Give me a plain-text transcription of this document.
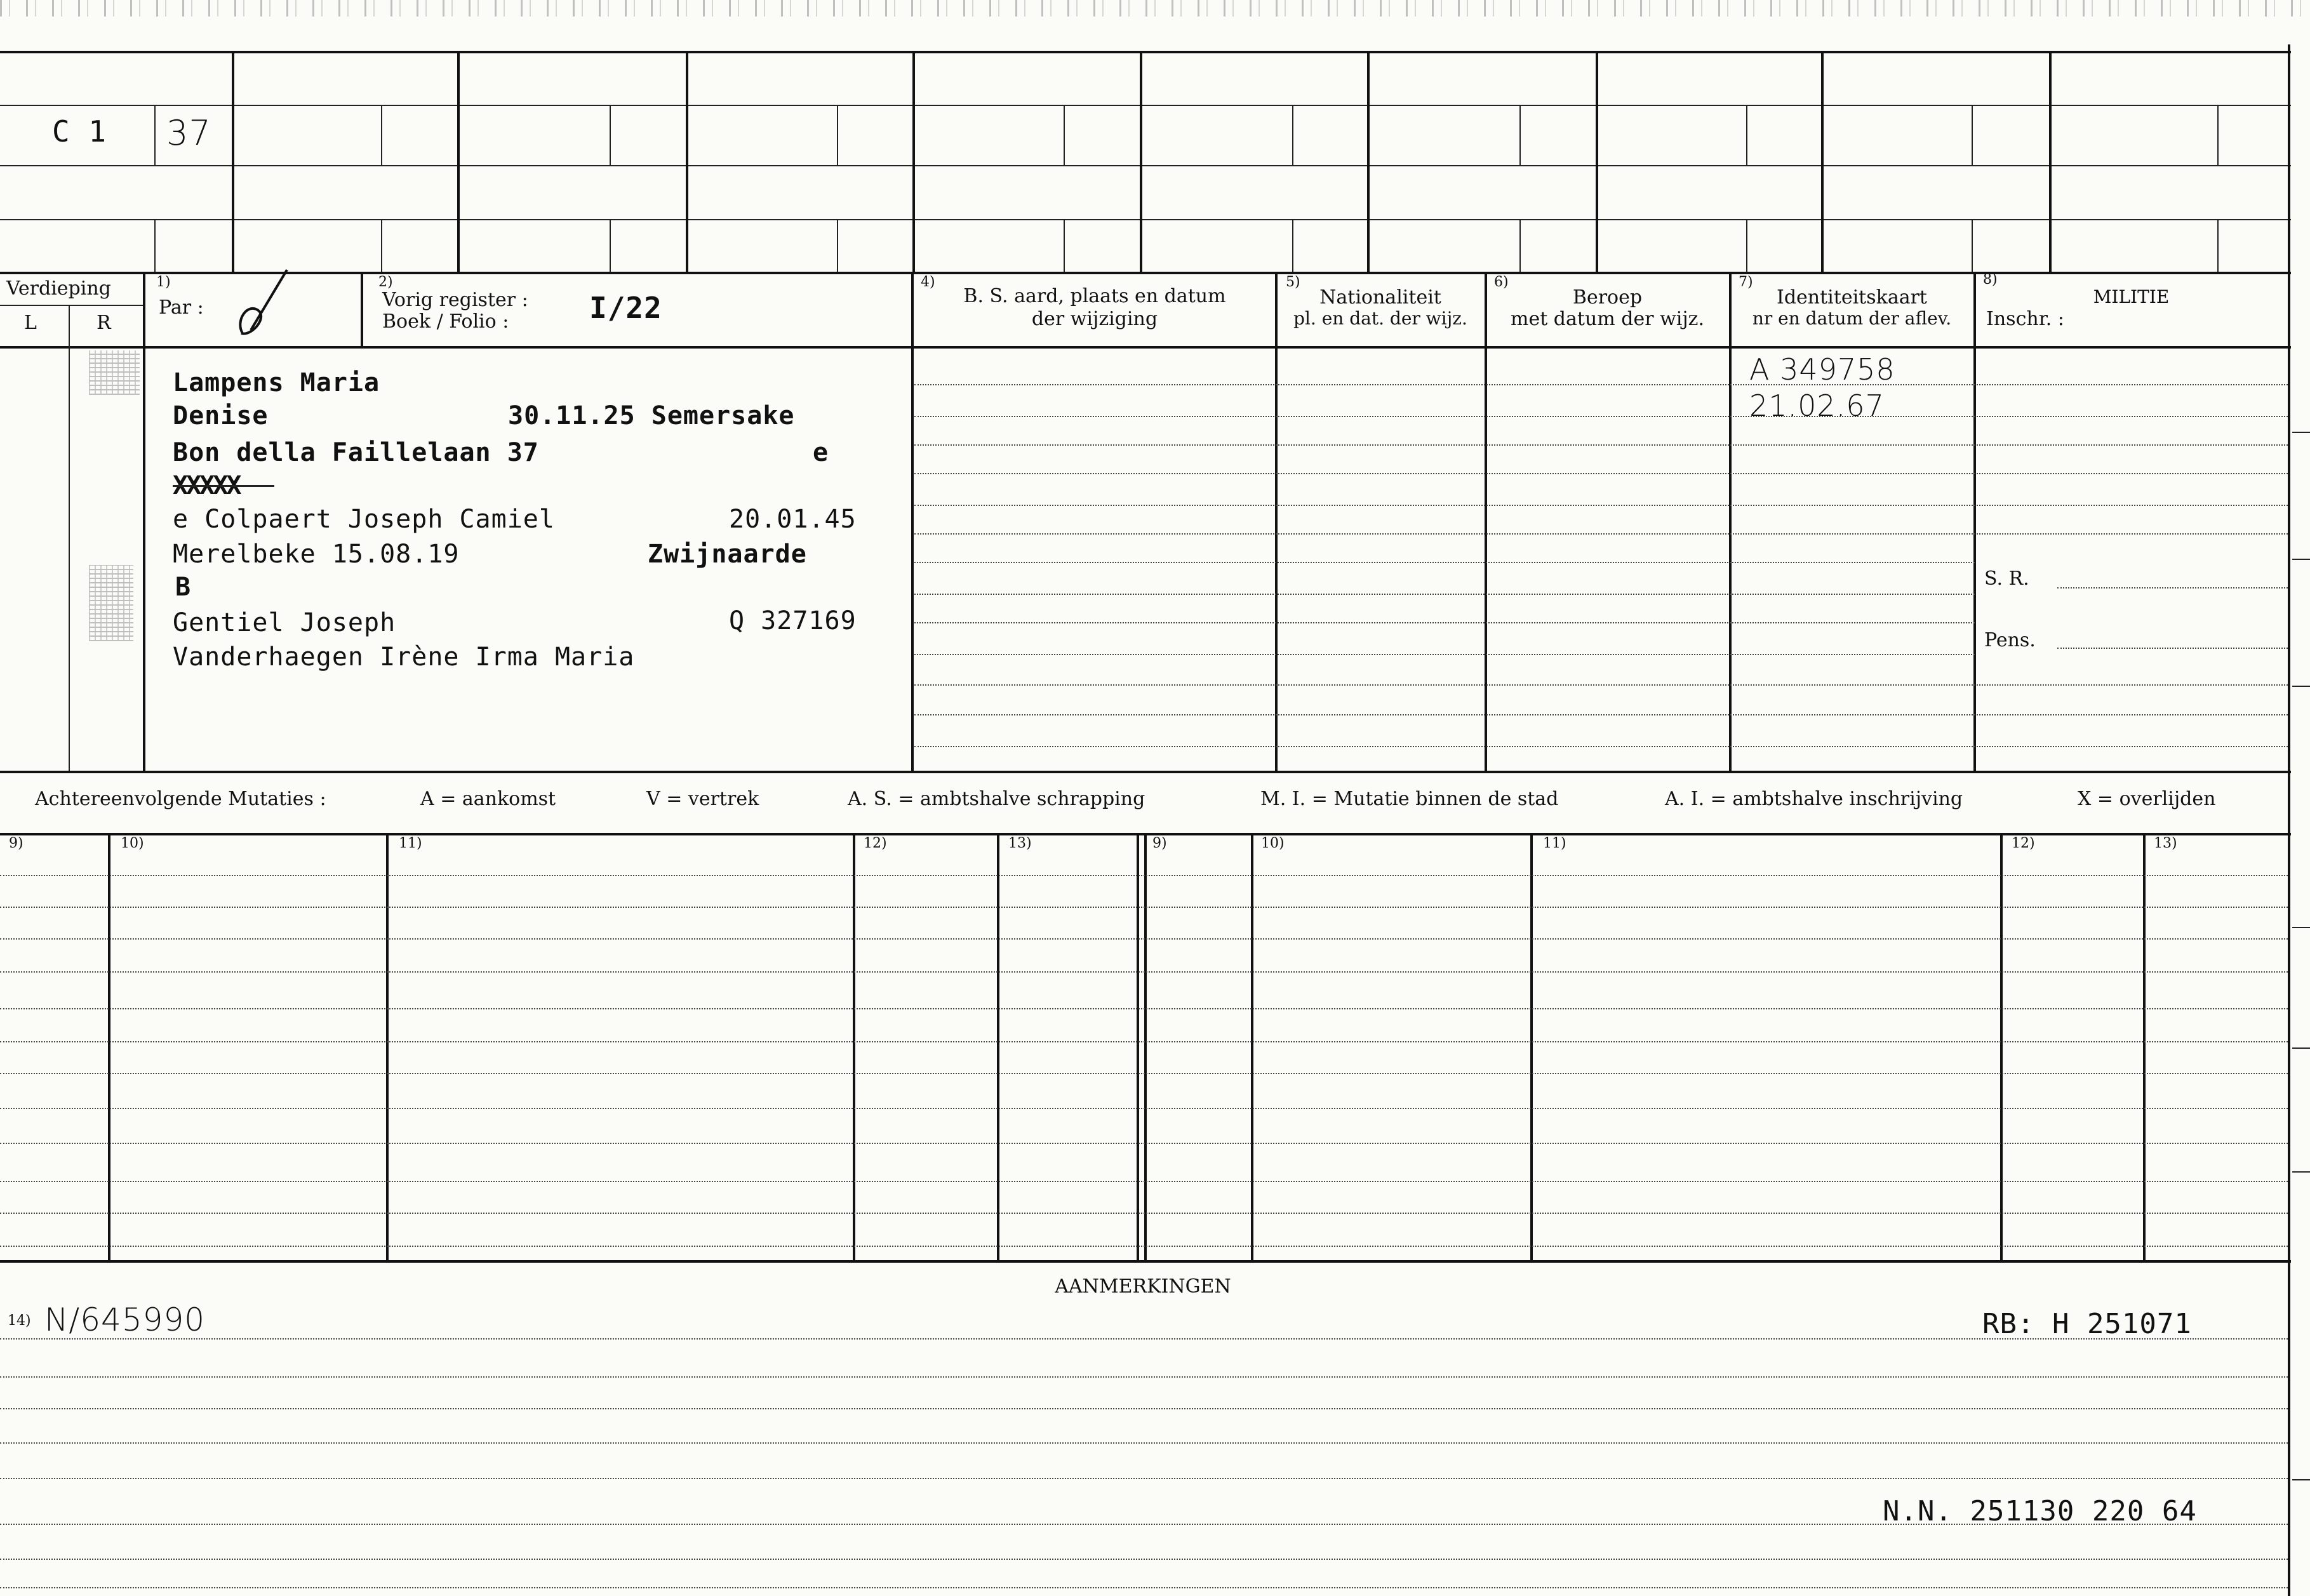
C 1 37
Verdieping
L	R
1)
Par :
2)
Vorig register :
Boek / Folio :	I/22
4)
B. S. aard, plaats en datum
der wijziging
5)
Nationaliteit
pl. en dat. der wijz.
6)
Beroep
met datum der wijz.
7)
Identiteitskaart
nr en datum der aflev.
8)
MILITIE
Inschr. :
Lampens Maria
Denise	30.11.25 Semersake
Bon della Faillelaan 37	e
XXXXX
e Colpaert Joseph Camiel	20.01.45
Merelbeke 15.08.19	Zwijnaarde
B
Gentiel Joseph	Q 327169
Vanderhaegen Irène Irma Maria
A 349758
21.02.67
S. R.
Pens.
Achtereenvolgende Mutaties :	A = aankomst	V = vertrek	A. S. = ambtshalve schrapping	M. I. = Mutatie binnen de stad	A. I. = ambtshalve inschrijving	X = overlijden
9)	10)	11)	12)	13)	9)	10)	11)	12)	13)
AANMERKINGEN
14) N/645990	RB: H 251071
N.N. 251130 220 64
